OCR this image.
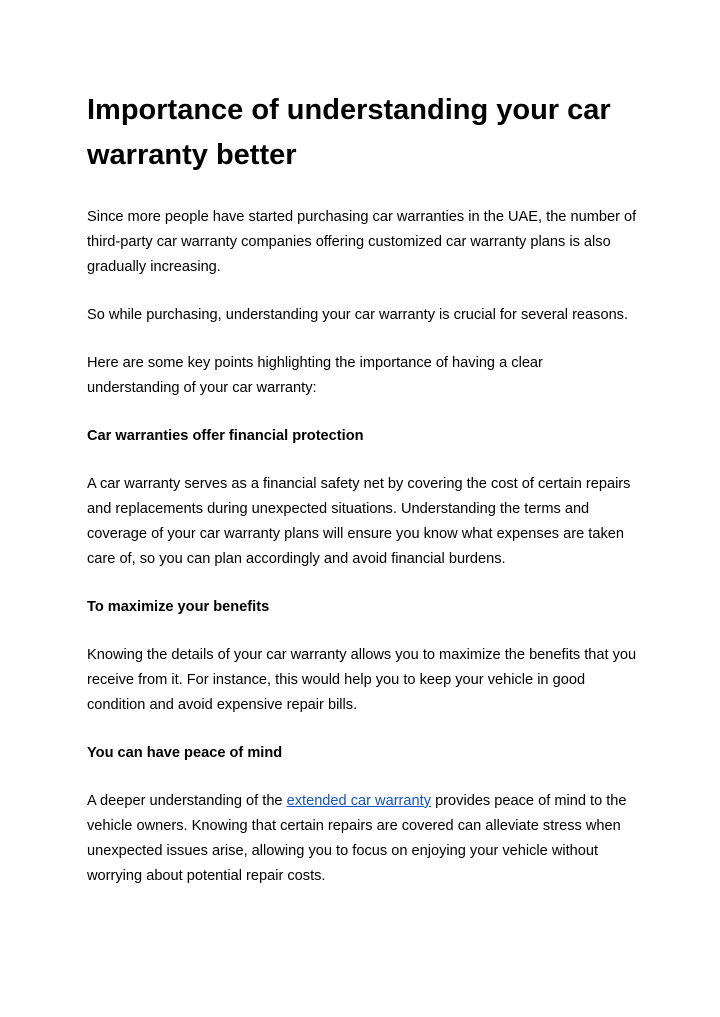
Importance of understanding your car warranty better

Since more people have started purchasing car warranties in the UAE, the number of third-party car warranty companies offering customized car warranty plans is also gradually increasing.

So while purchasing, understanding your car warranty is crucial for several reasons.

Here are some key points highlighting the importance of having a clear understanding of your car warranty:

Car warranties offer financial protection

A car warranty serves as a financial safety net by covering the cost of certain repairs and replacements during unexpected situations. Understanding the terms and coverage of your car warranty plans will ensure you know what expenses are taken care of, so you can plan accordingly and avoid financial burdens.

To maximize your benefits

Knowing the details of your car warranty allows you to maximize the benefits that you receive from it. For instance, this would help you to keep your vehicle in good condition and avoid expensive repair bills.

You can have peace of mind

A deeper understanding of the extended car warranty provides peace of mind to the vehicle owners. Knowing that certain repairs are covered can alleviate stress when unexpected issues arise, allowing you to focus on enjoying your vehicle without worrying about potential repair costs.
